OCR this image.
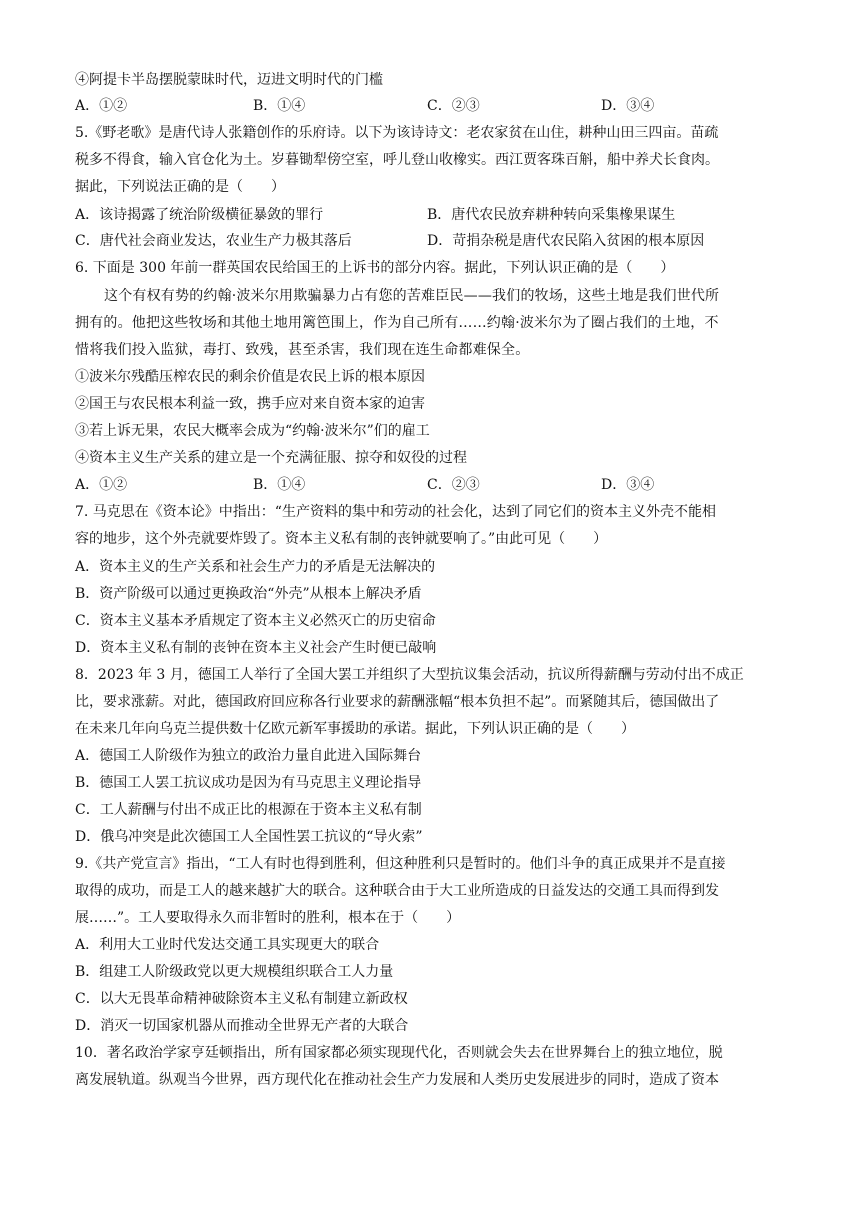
④阿提卡半岛摆脱蒙昧时代，迈进文明时代的门槛
A．①②	B．①④	C．②③	D．③④
5.《野老歌》是唐代诗人张籍创作的乐府诗。以下为该诗诗文：老农家贫在山住，耕种山田三四亩。苗疏
税多不得食，输入官仓化为土。岁暮锄犁傍空室，呼儿登山收橡实。西江贾客珠百斛，船中养犬长食肉。
据此，下列说法正确的是（　　）
A．该诗揭露了统治阶级横征暴敛的罪行	B．唐代农民放弃耕种转向采集橡果谋生
C．唐代社会商业发达，农业生产力极其落后	D．苛捐杂税是唐代农民陷入贫困的根本原因
6. 下面是 300 年前一群英国农民给国王的上诉书的部分内容。据此，下列认识正确的是（　　）
这个有权有势的约翰·波米尔用欺骗暴力占有您的苦难臣民——我们的牧场，这些土地是我们世代所
拥有的。他把这些牧场和其他土地用篱笆围上，作为自己所有……约翰·波米尔为了圈占我们的土地，不
惜将我们投入监狱，毒打、致残，甚至杀害，我们现在连生命都难保全。
①波米尔残酷压榨农民的剩余价值是农民上诉的根本原因
②国王与农民根本利益一致，携手应对来自资本家的迫害
③若上诉无果，农民大概率会成为“约翰·波米尔”们的雇工
④资本主义生产关系的建立是一个充满征服、掠夺和奴役的过程
A．①②	B．①④	C．②③	D．③④
7. 马克思在《资本论》中指出：“生产资料的集中和劳动的社会化，达到了同它们的资本主义外壳不能相
容的地步，这个外壳就要炸毁了。资本主义私有制的丧钟就要响了。”由此可见（　　）
A．资本主义的生产关系和社会生产力的矛盾是无法解决的
B．资产阶级可以通过更换政治“外壳”从根本上解决矛盾
C．资本主义基本矛盾规定了资本主义必然灭亡的历史宿命
D．资本主义私有制的丧钟在资本主义社会产生时便已敲响
8．2023 年 3 月，德国工人举行了全国大罢工并组织了大型抗议集会活动，抗议所得薪酬与劳动付出不成正
比，要求涨薪。对此，德国政府回应称各行业要求的薪酬涨幅“根本负担不起”。而紧随其后，德国做出了
在未来几年向乌克兰提供数十亿欧元新军事援助的承诺。据此，下列认识正确的是（　　）
A．德国工人阶级作为独立的政治力量自此进入国际舞台
B．德国工人罢工抗议成功是因为有马克思主义理论指导
C．工人薪酬与付出不成正比的根源在于资本主义私有制
D．俄乌冲突是此次德国工人全国性罢工抗议的“导火索”
9.《共产党宣言》指出，“工人有时也得到胜利，但这种胜利只是暂时的。他们斗争的真正成果并不是直接
取得的成功，而是工人的越来越扩大的联合。这种联合由于大工业所造成的日益发达的交通工具而得到发
展……”。工人要取得永久而非暂时的胜利，根本在于（　　）
A．利用大工业时代发达交通工具实现更大的联合
B．组建工人阶级政党以更大规模组织联合工人力量
C．以大无畏革命精神破除资本主义私有制建立新政权
D．消灭一切国家机器从而推动全世界无产者的大联合
10．著名政治学家亨廷顿指出，所有国家都必须实现现代化，否则就会失去在世界舞台上的独立地位，脱
离发展轨道。纵观当今世界，西方现代化在推动社会生产力发展和人类历史发展进步的同时，造成了资本
